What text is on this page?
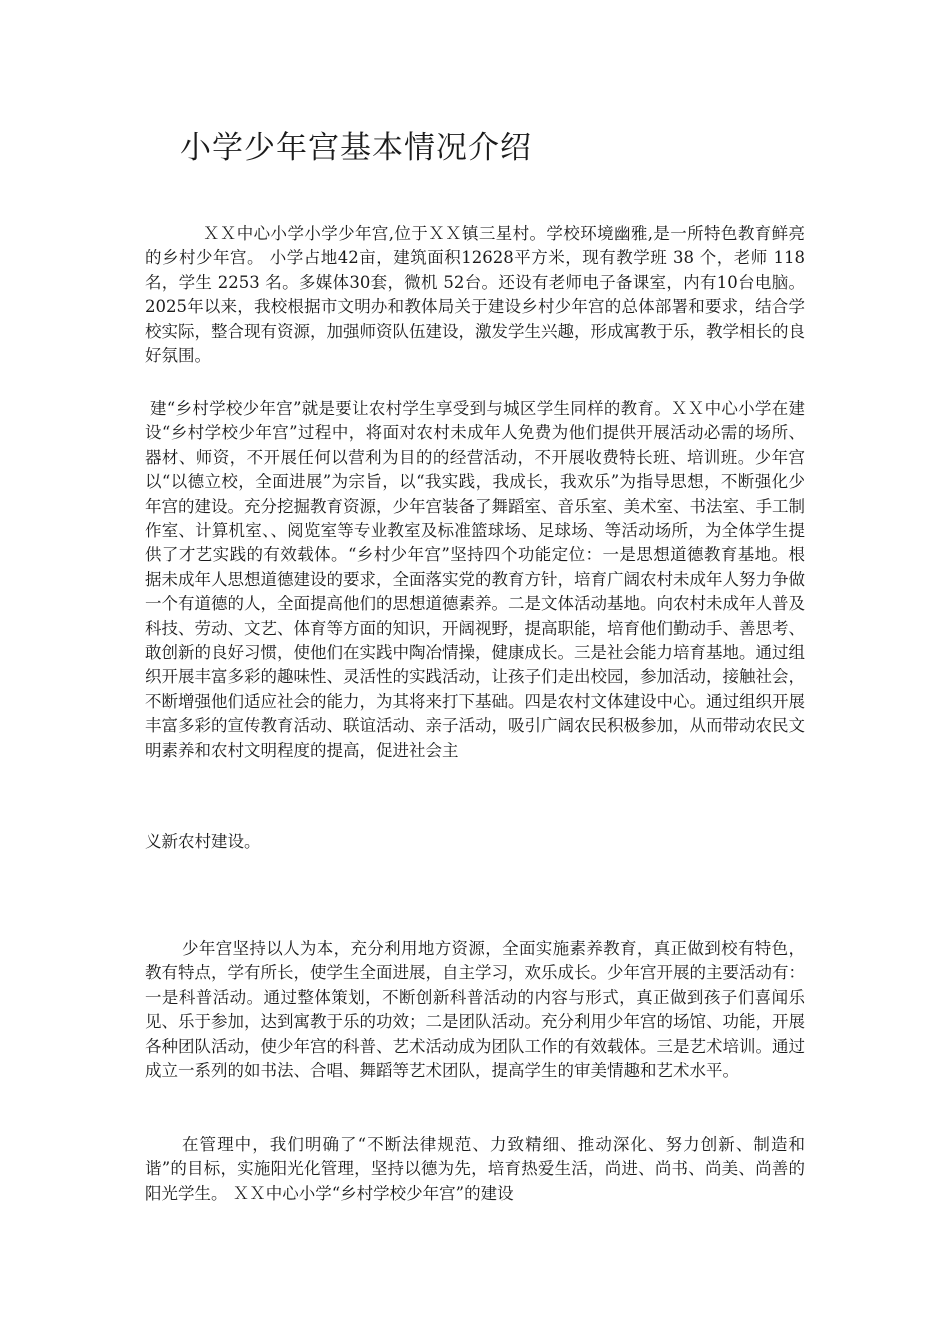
小学少年宫基本情况介绍

ＸＸ中心小学小学少年宫,位于ＸＸ镇三星村。学校环境幽雅,是一所特色教育鲜亮的乡村少年宫。 小学占地42亩，建筑面积12628平方米，现有教学班 38 个，老师 118 名，学生 2253 名。多媒体30套，微机 52台。还设有老师电子备课室，内有10台电脑。 2025年以来，我校根据市文明办和教体局关于建设乡村少年宫的总体部署和要求，结合学校实际，整合现有资源，加强师资队伍建设，激发学生兴趣，形成寓教于乐，教学相长的良好氛围。

建“乡村学校少年宫”就是要让农村学生享受到与城区学生同样的教育。ＸＸ中心小学在建设“乡村学校少年宫”过程中，将面对农村未成年人免费为他们提供开展活动必需的场所、器材、师资，不开展任何以营利为目的的经营活动，不开展收费特长班、培训班。少年宫以“以德立校，全面进展”为宗旨，以“我实践，我成长，我欢乐”为指导思想，不断强化少年宫的建设。充分挖掘教育资源，少年宫装备了舞蹈室、音乐室、美术室、书法室、手工制作室、计算机室、、阅览室等专业教室及标准篮球场、足球场、等活动场所，为全体学生提供了才艺实践的有效载体。“乡村少年宫”坚持四个功能定位：一是思想道德教育基地。根据未成年人思想道德建设的要求，全面落实党的教育方针，培育广阔农村未成年人努力争做一个有道德的人，全面提高他们的思想道德素养。二是文体活动基地。向农村未成年人普及科技、劳动、文艺、体育等方面的知识，开阔视野，提高职能，培育他们勤动手、善思考、敢创新的良好习惯，使他们在实践中陶冶情操，健康成长。三是社会能力培育基地。通过组织开展丰富多彩的趣味性、灵活性的实践活动，让孩子们走出校园，参加活动，接触社会，不断增强他们适应社会的能力，为其将来打下基础。四是农村文体建设中心。通过组织开展丰富多彩的宣传教育活动、联谊活动、亲子活动，吸引广阔农民积极参加，从而带动农民文明素养和农村文明程度的提高，促进社会主

义新农村建设。

少年宫坚持以人为本，充分利用地方资源，全面实施素养教育，真正做到校有特色，教有特点，学有所长，使学生全面进展，自主学习，欢乐成长。少年宫开展的主要活动有：一是科普活动。通过整体策划，不断创新科普活动的内容与形式，真正做到孩子们喜闻乐见、乐于参加，达到寓教于乐的功效；二是团队活动。充分利用少年宫的场馆、功能，开展各种团队活动，使少年宫的科普、艺术活动成为团队工作的有效载体。三是艺术培训。通过成立一系列的如书法、合唱、舞蹈等艺术团队，提高学生的审美情趣和艺术水平。

在管理中，我们明确了“不断法律规范、力致精细、推动深化、努力创新、制造和谐”的目标，实施阳光化管理，坚持以德为先，培育热爱生活，尚进、尚书、尚美、尚善的阳光学生。 ＸＸ中心小学“乡村学校少年宫”的建设
